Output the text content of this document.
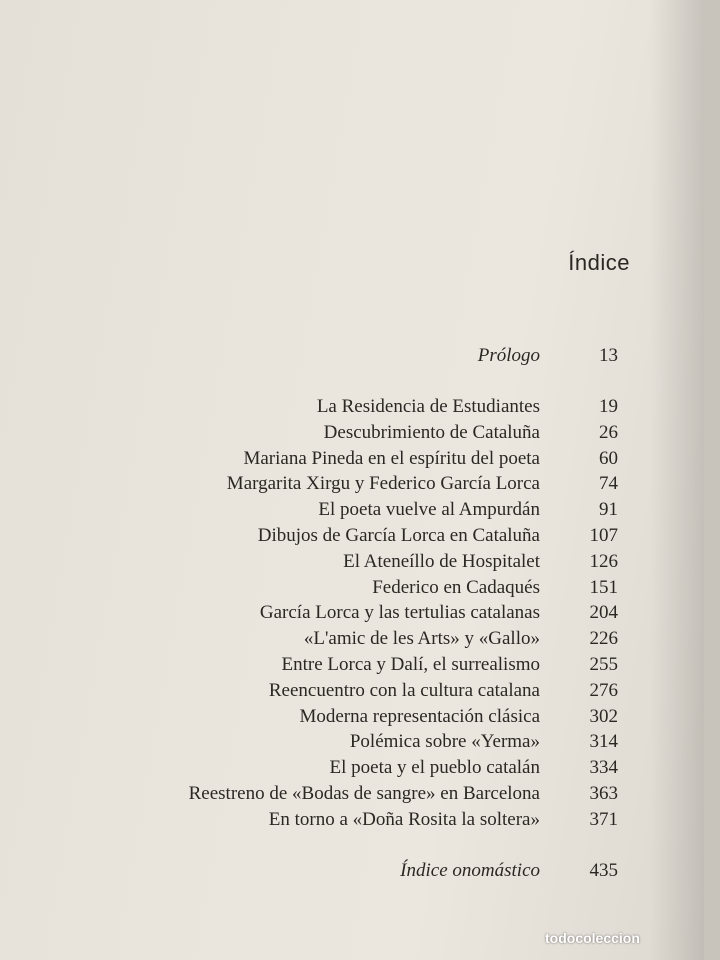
Índice
Prólogo	13
La Residencia de Estudiantes	19
Descubrimiento de Cataluña	26
Mariana Pineda en el espíritu del poeta	60
Margarita Xirgu y Federico García Lorca	74
El poeta vuelve al Ampurdán	91
Dibujos de García Lorca en Cataluña	107
El Ateneíllo de Hospitalet	126
Federico en Cadaqués	151
García Lorca y las tertulias catalanas	204
«L'amic de les Arts» y «Gallo»	226
Entre Lorca y Dalí, el surrealismo	255
Reencuentro con la cultura catalana	276
Moderna representación clásica	302
Polémica sobre «Yerma»	314
El poeta y el pueblo catalán	334
Reestreno de «Bodas de sangre» en Barcelona	363
En torno a «Doña Rosita la soltera»	371
Índice onomástico	435
todocoleccion
